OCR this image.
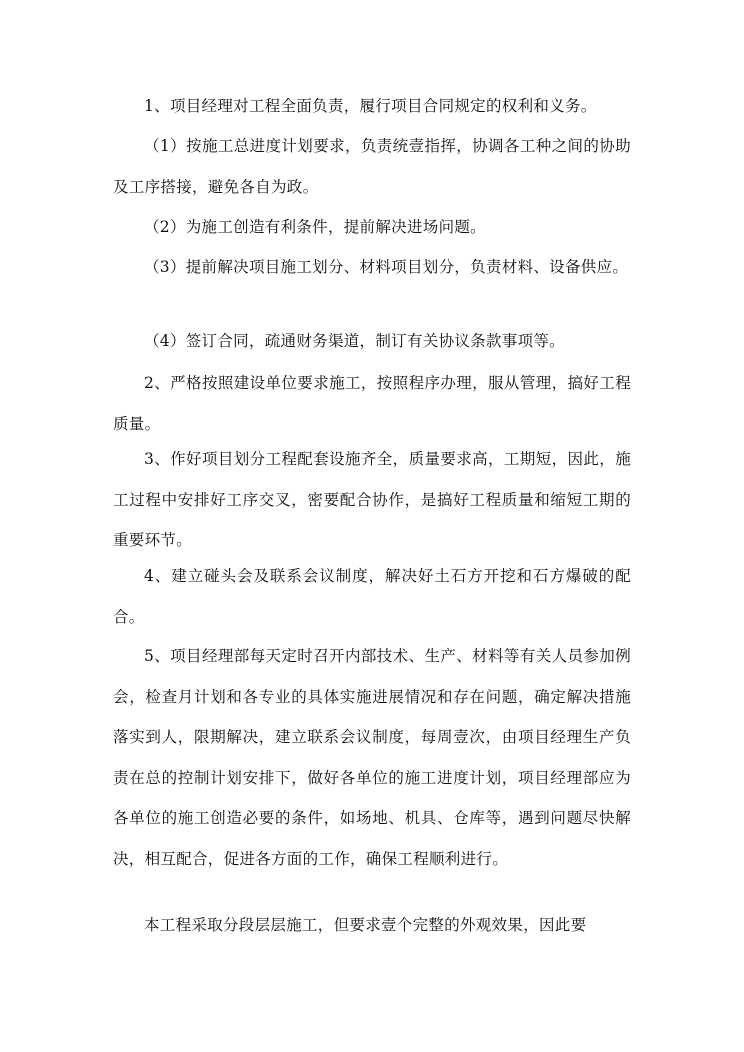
1、项目经理对工程全面负责，履行项目合同规定的权利和义务。

（1）按施工总进度计划要求，负责统壹指挥，协调各工种之间的协助及工序搭接，避免各自为政。

（2）为施工创造有利条件，提前解决进场问题。

（3）提前解决项目施工划分、材料项目划分，负责材料、设备供应。

（4）签订合同，疏通财务渠道，制订有关协议条款事项等。

2、严格按照建设单位要求施工，按照程序办理，服从管理，搞好工程质量。

3、作好项目划分工程配套设施齐全，质量要求高，工期短，因此，施工过程中安排好工序交叉，密要配合协作，是搞好工程质量和缩短工期的重要环节。

4、建立碰头会及联系会议制度，解决好土石方开挖和石方爆破的配合。

5、项目经理部每天定时召开内部技术、生产、材料等有关人员参加例会，检查月计划和各专业的具体实施进展情况和存在问题，确定解决措施落实到人，限期解决，建立联系会议制度，每周壹次，由项目经理生产负责在总的控制计划安排下，做好各单位的施工进度计划，项目经理部应为各单位的施工创造必要的条件，如场地、机具、仓库等，遇到问题尽快解决，相互配合，促进各方面的工作，确保工程顺利进行。

本工程采取分段层层施工，但要求壹个完整的外观效果，因此要
